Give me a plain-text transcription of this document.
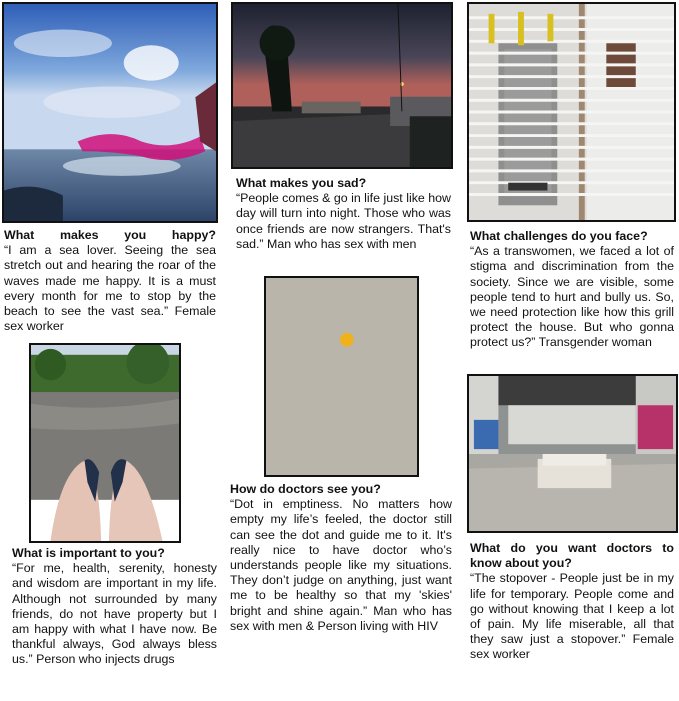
What makes you happy?
“I am a sea lover. Seeing the sea stretch out and hearing the roar of the waves made me happy. It is a must every month for me to stop by the beach to see the vast sea.” Female sex worker
What makes you sad?
“People comes & go in life just like how day will turn into night. Those who was once friends are now strangers. That's sad.” Man who has sex with men
What challenges do you face?
“As a transwomen, we faced a lot of stigma and discrimination from the society. Since we are visible, some people tend to hurt and bully us. So, we need protection like how this grill protect the house. But who gonna protect us?” Transgender woman
What is important to you?
“For me, health, serenity, honesty and wisdom are important in my life. Although not surrounded by many friends, do not have property but I am happy with what I have now. Be thankful always, God always bless us.” Person who injects drugs
How do doctors see you?
“Dot in emptiness. No matters how empty my life’s feeled, the doctor still can see the dot and guide me to it. It's really nice to have doctor who’s understands people like my situations. They don’t judge on anything, just want me to be healthy so that my 'skies' bright and shine again.” Man who has sex with men & Person living with HIV
What do you want doctors to know about you?
“The stopover - People just be in my life for temporary. People come and go without knowing that I keep a lot of pain. My life miserable, all that they saw just a stopover.” Female sex worker
